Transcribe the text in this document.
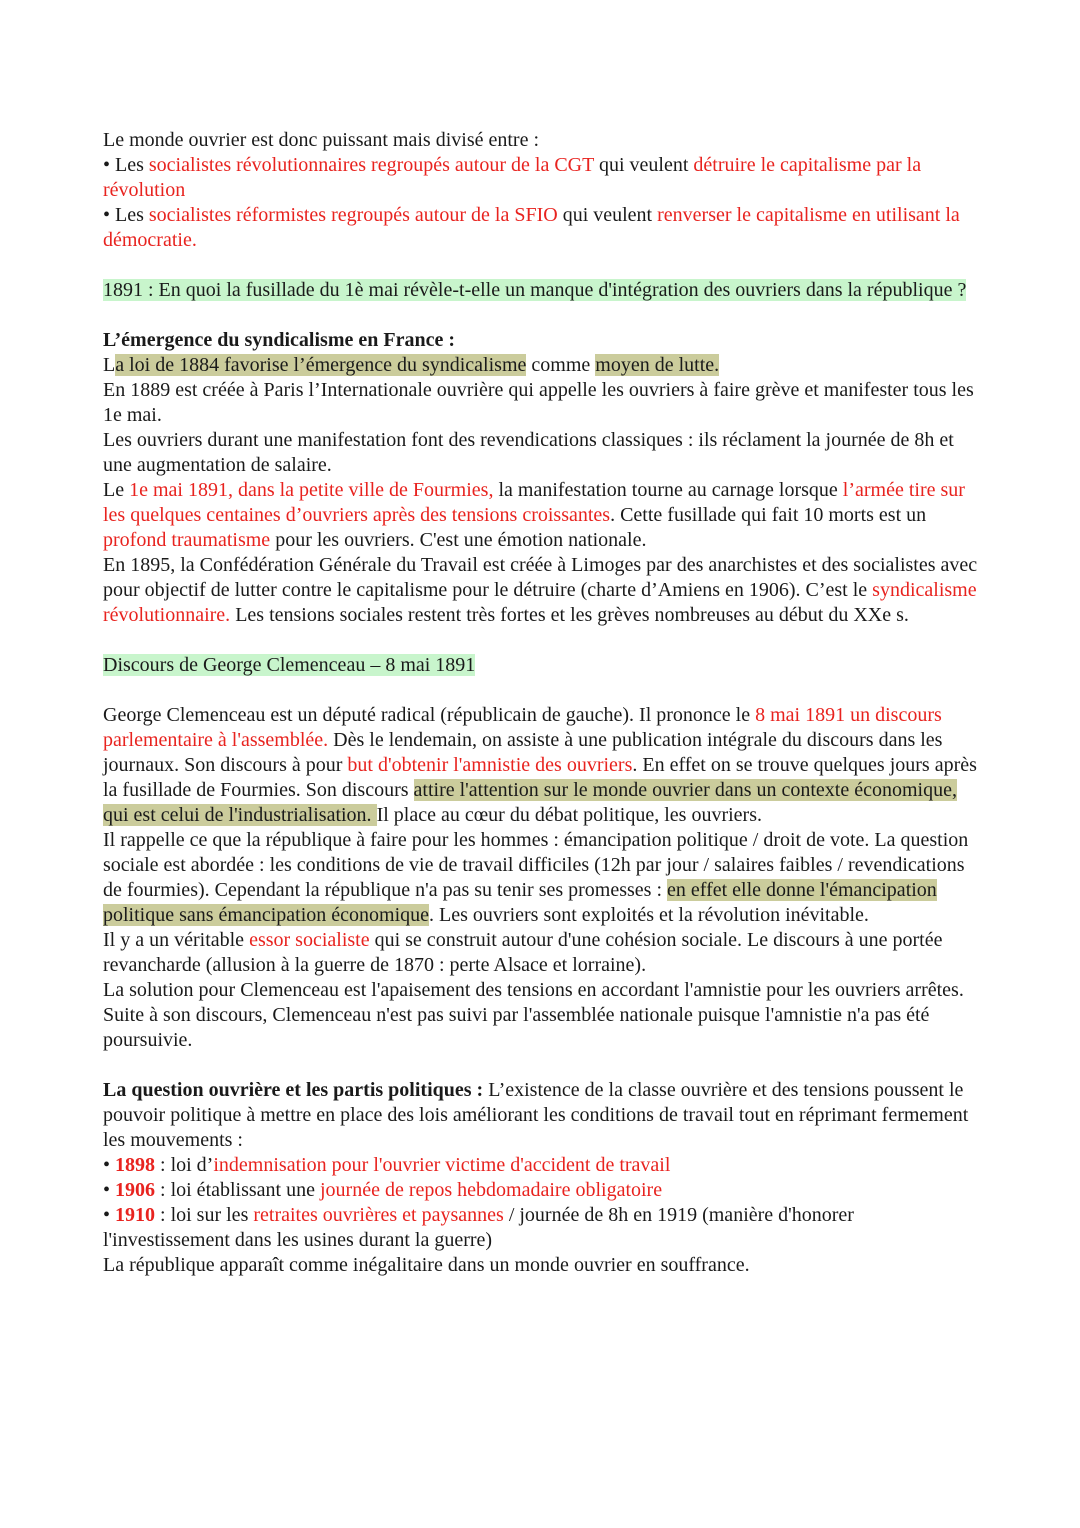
Le monde ouvrier est donc puissant mais divisé entre :

• Les socialistes révolutionnaires regroupés autour de la CGT qui veulent détruire le capitalisme par la révolution

• Les socialistes réformistes regroupés autour de la SFIO qui veulent renverser le capitalisme en utilisant la démocratie.

1891 : En quoi la fusillade du 1è mai révèle-t-elle un manque d'intégration des ouvriers dans la république ?

L’émergence du syndicalisme en France :

La loi de 1884 favorise l’émergence du syndicalisme comme moyen de lutte.

En 1889 est créée à Paris l’Internationale ouvrière qui appelle les ouvriers à faire grève et manifester tous les 1e mai.

Les ouvriers durant une manifestation font des revendications classiques : ils réclament la journée de 8h et une augmentation de salaire.

Le 1e mai 1891, dans la petite ville de Fourmies, la manifestation tourne au carnage lorsque l’armée tire sur les quelques centaines d’ouvriers après des tensions croissantes. Cette fusillade qui fait 10 morts est un profond traumatisme pour les ouvriers. C'est une émotion nationale.

En 1895, la Confédération Générale du Travail est créée à Limoges par des anarchistes et des socialistes avec pour objectif de lutter contre le capitalisme pour le détruire (charte d’Amiens en 1906). C’est le syndicalisme révolutionnaire. Les tensions sociales restent très fortes et les grèves nombreuses au début du XXe s.

Discours de George Clemenceau – 8 mai 1891

George Clemenceau est un député radical (républicain de gauche). Il prononce le 8 mai 1891 un discours parlementaire à l'assemblée. Dès le lendemain, on assiste à une publication intégrale du discours dans les journaux. Son discours à pour but d'obtenir l'amnistie des ouvriers. En effet on se trouve quelques jours après la fusillade de Fourmies. Son discours attire l'attention sur le monde ouvrier dans un contexte économique, qui est celui de l'industrialisation. Il place au cœur du débat politique, les ouvriers.

Il rappelle ce que la république à faire pour les hommes : émancipation politique / droit de vote. La question sociale est abordée : les conditions de vie de travail difficiles (12h par jour / salaires faibles / revendications de fourmies). Cependant la république n'a pas su tenir ses promesses : en effet elle donne l'émancipation politique sans émancipation économique. Les ouvriers sont exploités et la révolution inévitable.

Il y a un véritable essor socialiste qui se construit autour d'une cohésion sociale. Le discours à une portée revancharde (allusion à la guerre de 1870 : perte Alsace et lorraine).

La solution pour Clemenceau est l'apaisement des tensions en accordant l'amnistie pour les ouvriers arrêtes. Suite à son discours, Clemenceau n'est pas suivi par l'assemblée nationale puisque l'amnistie n'a pas été poursuivie.

La question ouvrière et les partis politiques : L’existence de la classe ouvrière et des tensions poussent le pouvoir politique à mettre en place des lois améliorant les conditions de travail tout en réprimant fermement les mouvements :

• 1898 : loi d’indemnisation pour l'ouvrier victime d'accident de travail

• 1906 : loi établissant une journée de repos hebdomadaire obligatoire

• 1910 : loi sur les retraites ouvrières et paysannes / journée de 8h en 1919 (manière d'honorer l'investissement dans les usines durant la guerre)

La république apparaît comme inégalitaire dans un monde ouvrier en souffrance.
